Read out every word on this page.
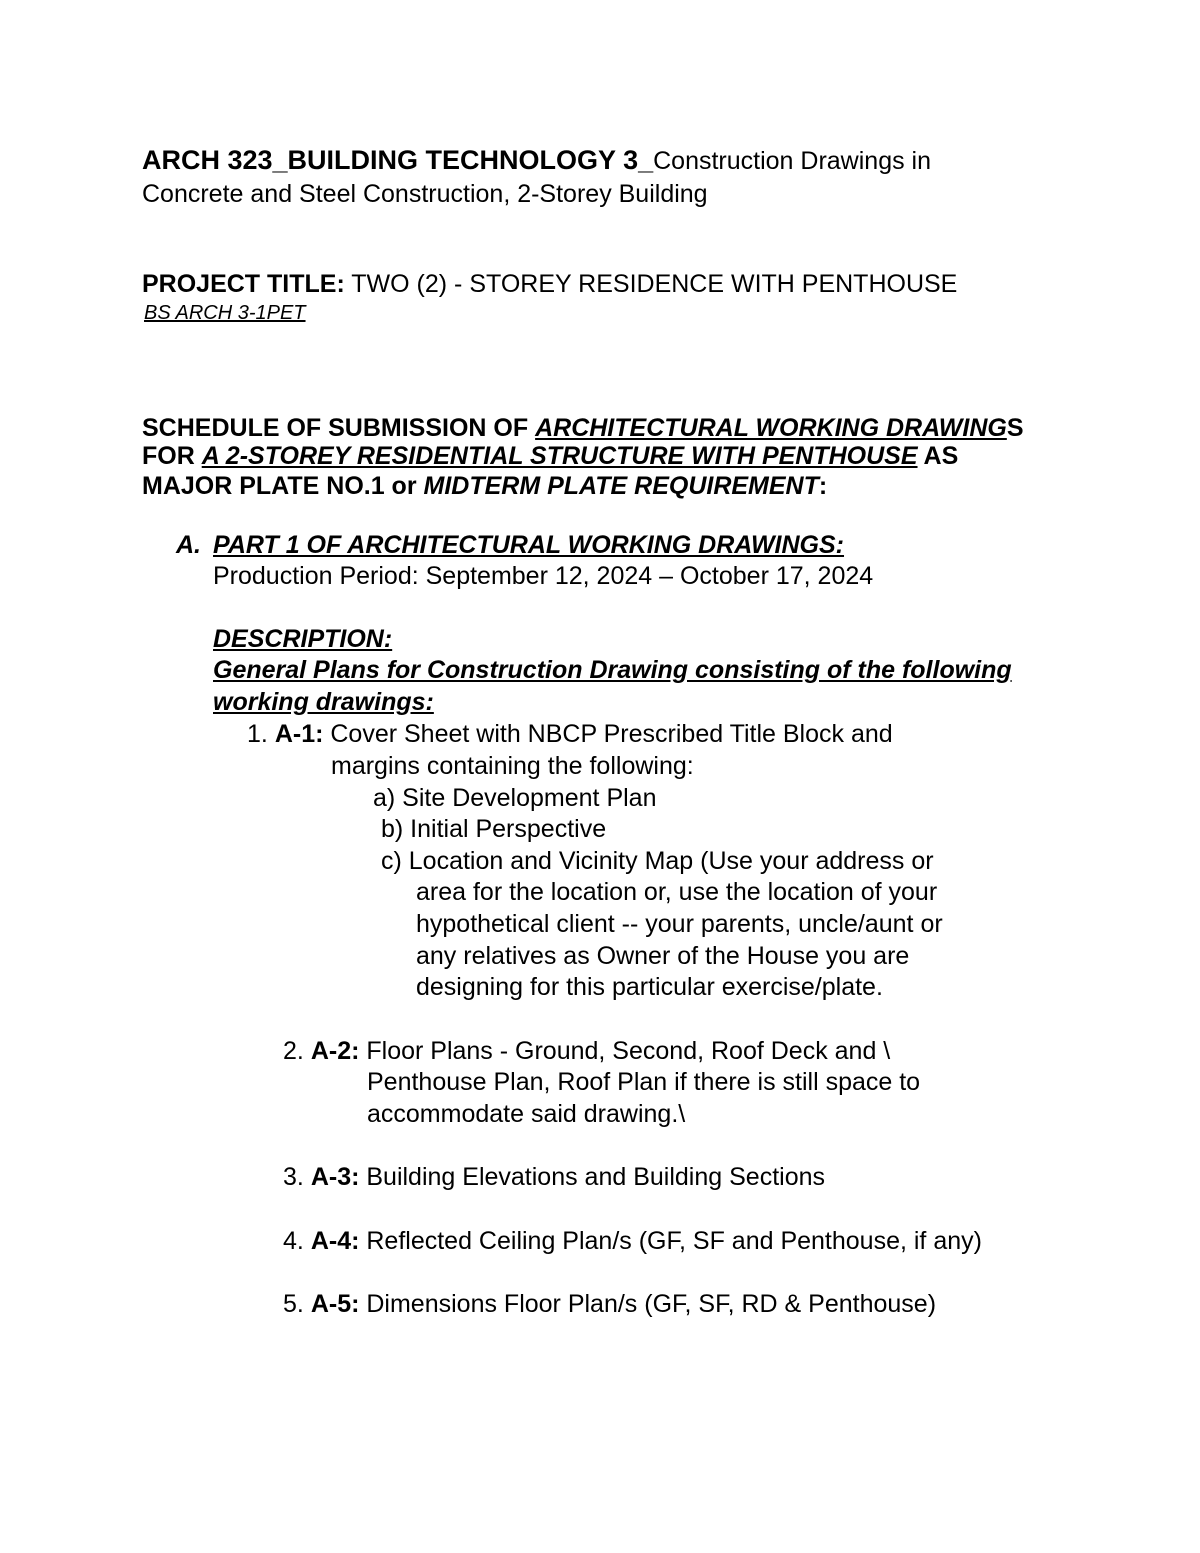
ARCH 323_BUILDING TECHNOLOGY 3_Construction Drawings in
Concrete and Steel Construction, 2-Storey Building
PROJECT TITLE: TWO (2) - STOREY RESIDENCE WITH PENTHOUSE
BS ARCH 3-1PET
SCHEDULE OF SUBMISSION OF ARCHITECTURAL WORKING DRAWINGS
FOR A 2-STOREY RESIDENTIAL STRUCTURE WITH PENTHOUSE AS
MAJOR PLATE NO.1 or MIDTERM PLATE REQUIREMENT:
A. PART 1 OF ARCHITECTURAL WORKING DRAWINGS:
Production Period: September 12, 2024 – October 17, 2024
DESCRIPTION:
General Plans for Construction Drawing consisting of the following
working drawings:
1. A-1: Cover Sheet with NBCP Prescribed Title Block and
margins containing the following:
a) Site Development Plan
b) Initial Perspective
c) Location and Vicinity Map (Use your address or
area for the location or, use the location of your
hypothetical client -- your parents, uncle/aunt or
any relatives as Owner of the House you are
designing for this particular exercise/plate.
2. A-2: Floor Plans - Ground, Second, Roof Deck and \
Penthouse Plan, Roof Plan if there is still space to
accommodate said drawing.\
3. A-3: Building Elevations and Building Sections
4. A-4: Reflected Ceiling Plan/s (GF, SF and Penthouse, if any)
5. A-5: Dimensions Floor Plan/s (GF, SF, RD & Penthouse)
